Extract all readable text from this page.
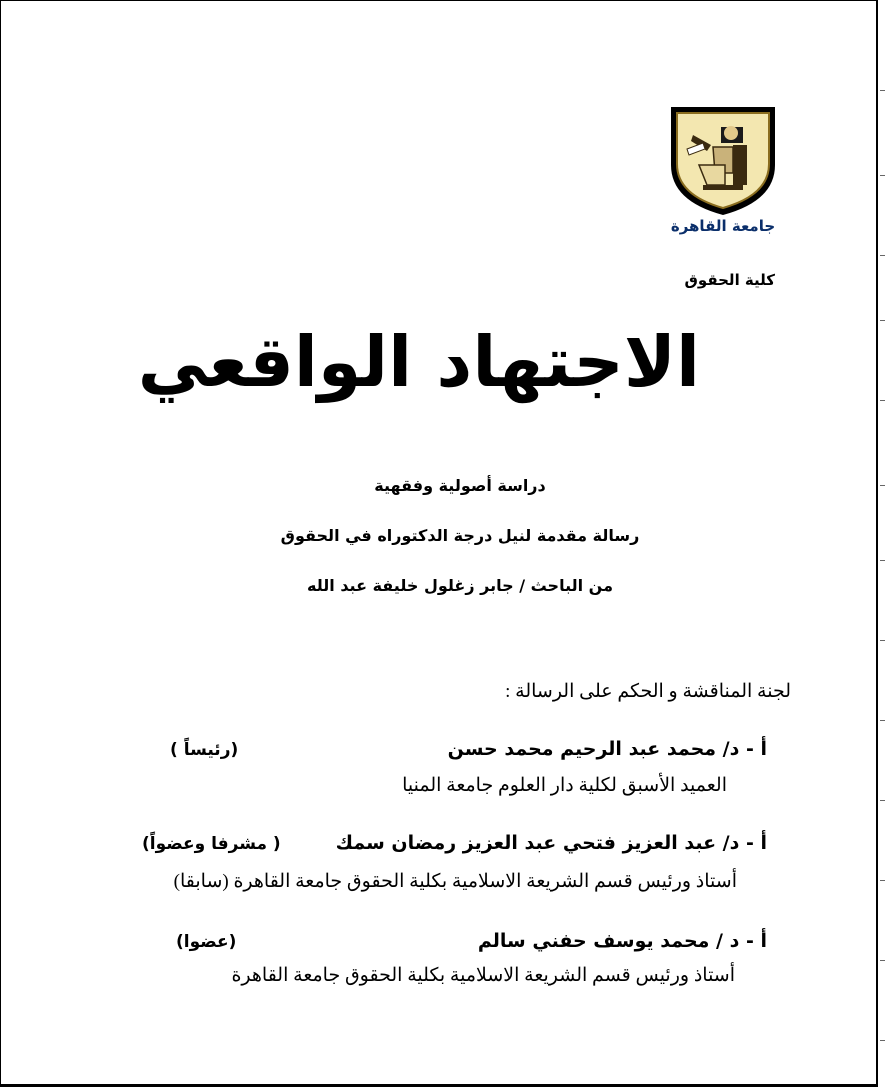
جامعة القاهرة
كلية الحقوق
الاجتهاد الواقعي
دراسة أصولية وفقهية
رسالة مقدمة لنيل درجة الدكتوراه في الحقوق
من الباحث / جابر زغلول خليفة عبد الله
لجنة المناقشة و الحكم على الرسالة :
أ - د/ محمد عبد الرحيم محمد حسن
(رئيساً )
العميد الأسبق لكلية دار العلوم جامعة المنيا
أ - د/ عبد العزيز فتحي عبد العزيز رمضان سمك
( مشرفا وعضواً)
أستاذ ورئيس قسم الشريعة الاسلامية بكلية الحقوق جامعة القاهرة (سابقا)
أ - د / محمد يوسف حفني سالم
(عضوا)
أستاذ ورئيس قسم الشريعة الاسلامية بكلية الحقوق جامعة القاهرة
